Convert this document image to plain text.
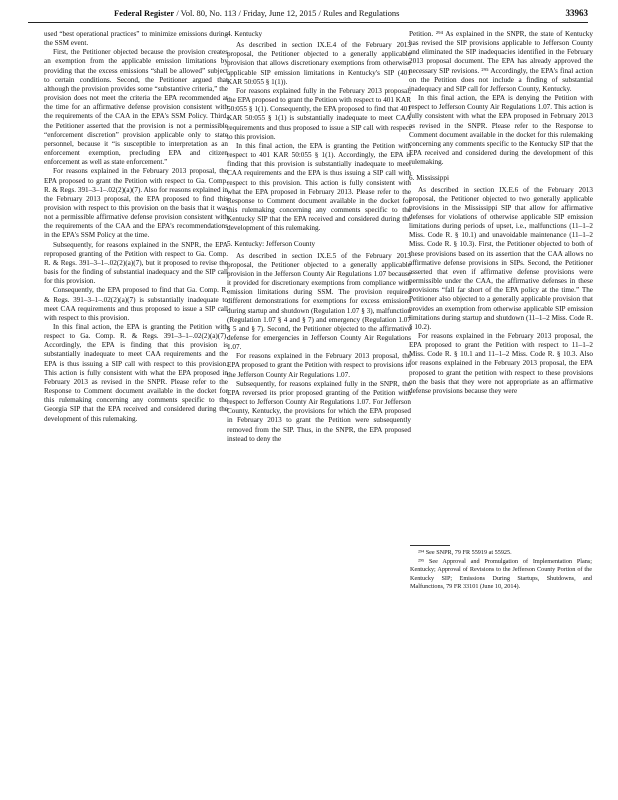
Federal Register / Vol. 80, No. 113 / Friday, June 12, 2015 / Rules and Regulations	33963

used “best operational practices” to minimize emissions during the SSM event.

First, the Petitioner objected because the provision creates an exemption from the applicable emission limitations by providing that the excess emissions “shall be allowed” subject to certain conditions. Second, the Petitioner argued that although the provision provides some “substantive criteria,” the provision does not meet the criteria the EPA recommended at the time for an affirmative defense provision consistent with the requirements of the CAA in the EPA's SSM Policy. Third, the Petitioner asserted that the provision is not a permissible “enforcement discretion” provision applicable only to state personnel, because it “is susceptible to interpretation as an enforcement exemption, precluding EPA and citizen enforcement as well as state enforcement.”

For reasons explained in the February 2013 proposal, the EPA proposed to grant the Petition with respect to Ga. Comp. R. & Regs. 391–3–1–.02(2)(a)(7). Also for reasons explained in the February 2013 proposal, the EPA proposed to find this provision with respect to this provision on the basis that it was not a permissible affirmative defense provision consistent with the requirements of the CAA and the EPA's recommendations in the EPA's SSM Policy at the time.

Subsequently, for reasons explained in the SNPR, the EPA reproposed granting of the Petition with respect to Ga. Comp. R. & Regs. 391–3–1–.02(2)(a)(7), but it proposed to revise the basis for the finding of substantial inadequacy and the SIP call for this provision.

Consequently, the EPA proposed to find that Ga. Comp. R. & Regs. 391–3–1–.02(2)(a)(7) is substantially inadequate to meet CAA requirements and thus proposed to issue a SIP call with respect to this provision.

In this final action, the EPA is granting the Petition with respect to Ga. Comp. R. & Regs. 391–3–1–.02(2)(a)(7). Accordingly, the EPA is finding that this provision is substantially inadequate to meet CAA requirements and the EPA is thus issuing a SIP call with respect to this provision. This action is fully consistent with what the EPA proposed in February 2013 as revised in the SNPR. Please refer to the Response to Comment document available in the docket for this rulemaking concerning any comments specific to the Georgia SIP that the EPA received and considered during the development of this rulemaking.

4. Kentucky

As described in section IX.E.4 of the February 2013 proposal, the Petitioner objected to a generally applicable provision that allows discretionary exemptions from otherwise applicable SIP emission limitations in Kentucky's SIP (401 KAR 50:055 § 1(1)).

For reasons explained fully in the February 2013 proposal, the EPA proposed to grant the Petition with respect to 401 KAR 50:055 § 1(1). Consequently, the EPA proposed to find that 401 KAR 50:055 § 1(1) is substantially inadequate to meet CAA requirements and thus proposed to issue a SIP call with respect to this provision.

In this final action, the EPA is granting the Petition with respect to 401 KAR 50:055 § 1(1). Accordingly, the EPA is finding that this provision is substantially inadequate to meet CAA requirements and the EPA is thus issuing a SIP call with respect to this provision. This action is fully consistent with what the EPA proposed in February 2013. Please refer to the Response to Comment document available in the docket for this rulemaking concerning any comments specific to the Kentucky SIP that the EPA received and considered during the development of this rulemaking.

5. Kentucky: Jefferson County

As described in section IX.E.5 of the February 2013 proposal, the Petitioner objected to a generally applicable provision in the Jefferson County Air Regulations 1.07 because it provided for discretionary exemptions from compliance with emission limitations during SSM. The provision required different demonstrations for exemptions for excess emissions during startup and shutdown (Regulation 1.07 § 3), malfunction (Regulation 1.07 § 4 and § 7) and emergency (Regulation 1.07 § 5 and § 7). Second, the Petitioner objected to the affirmative defense for emergencies in Jefferson County Air Regulations 1.07.

For reasons explained in the February 2013 proposal, the EPA proposed to grant the Petition with respect to provisions in the Jefferson County Air Regulations 1.07.

Subsequently, for reasons explained fully in the SNPR, the EPA reversed its prior proposed granting of the Petition with respect to Jefferson County Air Regulations 1.07. For Jefferson County, Kentucky, the provisions for which the EPA proposed in February 2013 to grant the Petition were subsequently removed from the SIP. Thus, in the SNPR, the EPA proposed instead to deny the

Petition. ²⁹⁴ As explained in the SNPR, the state of Kentucky has revised the SIP provisions applicable to Jefferson County and eliminated the SIP inadequacies identified in the February 2013 proposal document. The EPA has already approved the necessary SIP revisions. ²⁹⁵ Accordingly, the EPA's final action on the Petition does not include a finding of substantial inadequacy and SIP call for Jefferson County, Kentucky.

In this final action, the EPA is denying the Petition with respect to Jefferson County Air Regulations 1.07. This action is fully consistent with what the EPA proposed in February 2013 as revised in the SNPR. Please refer to the Response to Comment document available in the docket for this rulemaking concerning any comments specific to the Kentucky SIP that the EPA received and considered during the development of this rulemaking.

6. Mississippi

As described in section IX.E.6 of the February 2013 proposal, the Petitioner objected to two generally applicable provisions in the Mississippi SIP that allow for affirmative defenses for violations of otherwise applicable SIP emission limitations during periods of upset, i.e., malfunctions (11–1–2 Miss. Code R. § 10.1) and unavoidable maintenance (11–1–2 Miss. Code R. § 10.3). First, the Petitioner objected to both of these provisions based on its assertion that the CAA allows no affirmative defense provisions in SIPs. Second, the Petitioner asserted that even if affirmative defense provisions were permissible under the CAA, the affirmative defenses in these provisions “fall far short of the EPA policy at the time.” The Petitioner also objected to a generally applicable provision that provides an exemption from otherwise applicable SIP emission limitations during startup and shutdown (11–1–2 Miss. Code R. § 10.2).

For reasons explained in the February 2013 proposal, the EPA proposed to grant the Petition with respect to 11–1–2 Miss. Code R. § 10.1 and 11–1–2 Miss. Code R. § 10.3. Also for reasons explained in the February 2013 proposal, the EPA proposed to grant the petition with respect to these provisions on the basis that they were not appropriate as an affirmative defense provisions because they were

²⁹⁴ See SNPR, 79 FR 55919 at 55925.

²⁹⁵ See Approval and Promulgation of Implementation Plans; Kentucky; Approval of Revisions to the Jefferson County Portion of the Kentucky SIP; Emissions During Startups, Shutdowns, and Malfunctions, 79 FR 33101 (June 10, 2014).
